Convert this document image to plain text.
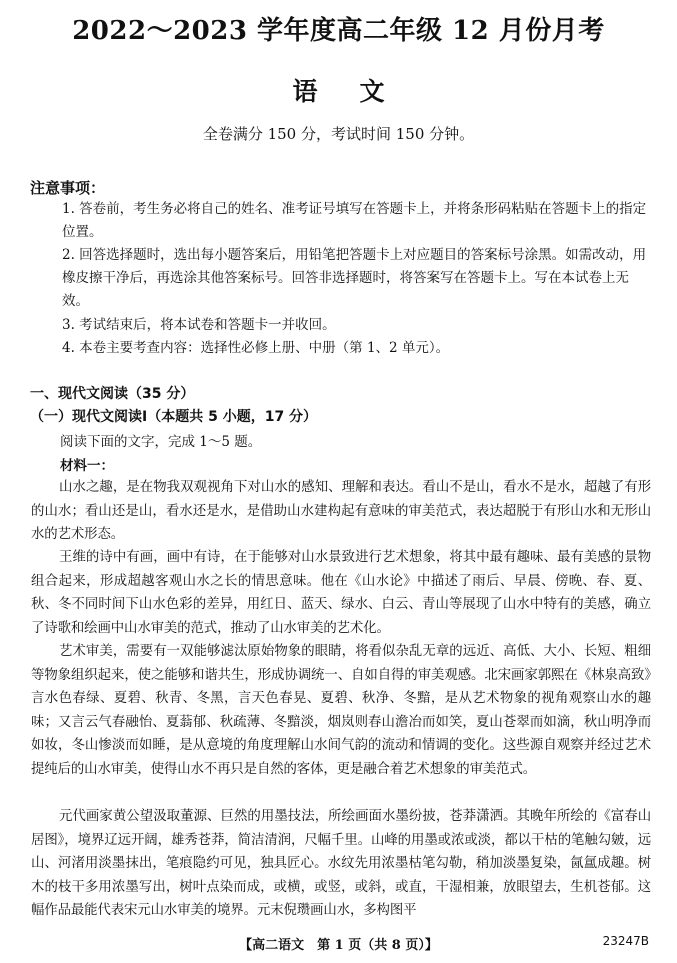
2022～2023 学年度高二年级 12 月份月考
语文
全卷满分 150 分，考试时间 150 分钟。
注意事项：
1. 答卷前，考生务必将自己的姓名、准考证号填写在答题卡上，并将条形码粘贴在答题卡上的指定位置。
2. 回答选择题时，选出每小题答案后，用铅笔把答题卡上对应题目的答案标号涂黑。如需改动，用橡皮擦干净后，再选涂其他答案标号。回答非选择题时，将答案写在答题卡上。写在本试卷上无效。
3. 考试结束后，将本试卷和答题卡一并收回。
4. 本卷主要考查内容：选择性必修上册、中册（第 1、2 单元）。
一、现代文阅读（35 分）
（一）现代文阅读Ⅰ（本题共 5 小题，17 分）
阅读下面的文字，完成 1～5 题。
材料一：
山水之趣，是在物我双观视角下对山水的感知、理解和表达。看山不是山，看水不是水，超越了有形的山水；看山还是山，看水还是水，是借助山水建构起有意味的审美范式，表达超脱于有形山水和无形山水的艺术形态。
王维的诗中有画，画中有诗，在于能够对山水景致进行艺术想象，将其中最有趣味、最有美感的景物组合起来，形成超越客观山水之长的情思意味。他在《山水论》中描述了雨后、早晨、傍晚、春、夏、秋、冬不同时间下山水色彩的差异，用红日、蓝天、绿水、白云、青山等展现了山水中特有的美感，确立了诗歌和绘画中山水审美的范式，推动了山水审美的艺术化。
艺术审美，需要有一双能够滤汰原始物象的眼睛，将看似杂乱无章的远近、高低、大小、长短、粗细等物象组织起来，使之能够和谐共生，形成协调统一、自如自得的审美观感。北宋画家郭熙在《林泉高致》言水色春绿、夏碧、秋青、冬黑，言天色春晃、夏碧、秋净、冬黯，是从艺术物象的视角观察山水的趣味；又言云气春融怡、夏蓊郁、秋疏薄、冬黯淡，烟岚则春山澹冶而如笑，夏山苍翠而如滴，秋山明净而如妆，冬山惨淡而如睡，是从意境的角度理解山水间气韵的流动和情调的变化。这些源自观察并经过艺术提纯后的山水审美，使得山水不再只是自然的客体，更是融合着艺术想象的审美范式。
元代画家黄公望汲取董源、巨然的用墨技法，所绘画面水墨纷披，苍莽潇洒。其晚年所绘的《富春山居图》，境界辽远开阔，雄秀苍莽，简洁清润，尺幅千里。山峰的用墨或浓或淡，都以干枯的笔触勾皴，远山、河渚用淡墨抹出，笔痕隐约可见，独具匠心。水纹先用浓墨枯笔勾勒，稍加淡墨复染，氤氲成趣。树木的枝干多用浓墨写出，树叶点染而成，或横，或竖，或斜，或直，干湿相兼，放眼望去，生机苍郁。这幅作品最能代表宋元山水审美的境界。元末倪瓒画山水，多构图平
【高二语文　第 1 页（共 8 页）】	23247B
